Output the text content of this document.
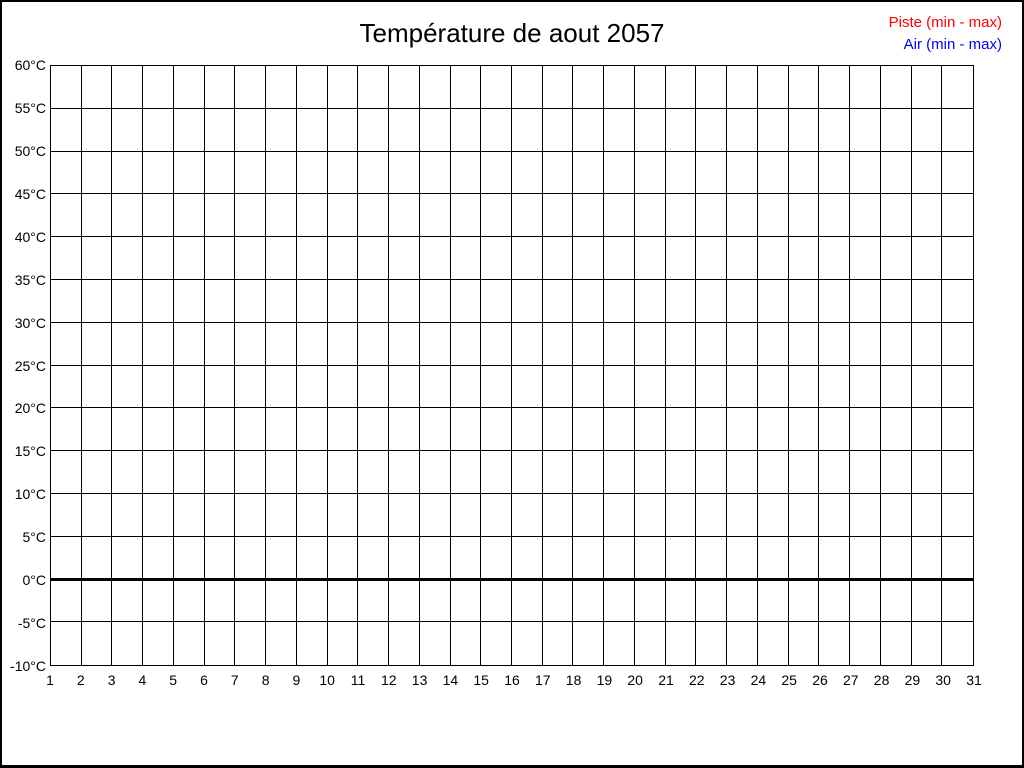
Température de aout 2057	Piste (min - max)
Air (min - max)
60°C
55°C
50°C
45°C
40°C
35°C
30°C
25°C
20°C
15°C
10°C
5°C
0°C
-5°C
-10°C
1	2	3	4	5	6	7	8	9	10	11	12	13	14	15	16	17	18	19	20	21	22	23	24	25	26	27	28	29	30	31
